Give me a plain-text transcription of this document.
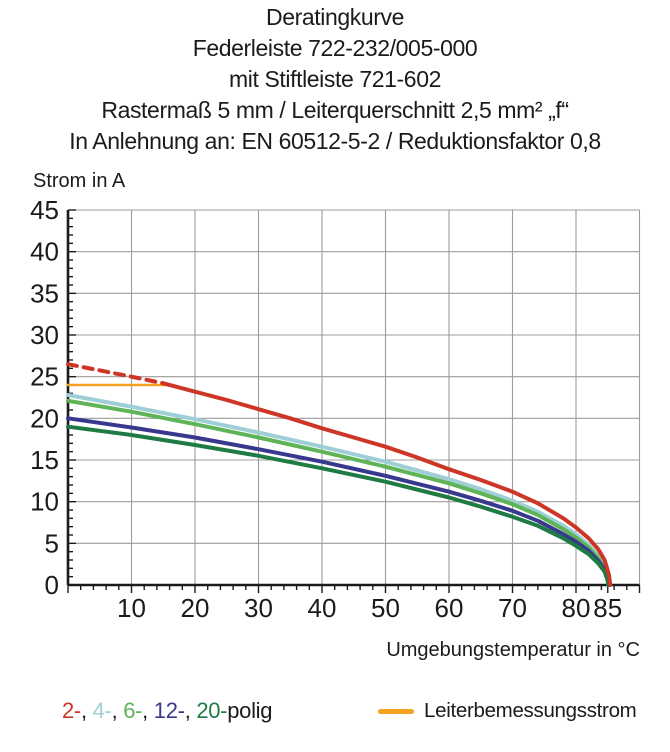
Deratingkurve
Federleiste 722-232/005-000
mit Stiftleiste 721-602
Rastermaß 5 mm / Leiterquerschnitt 2,5 mm² „f“
In Anlehnung an: EN 60512-5-2 / Reduktionsfaktor 0,8
0
5
10
15
20
25
30
35
40
45
10 20 30 40 50 60 70 80 85
Strom in A
Umgebungstemperatur in °C
2-, 4-, 6-, 12-, 20-polig	Leiterbemessungsstrom
